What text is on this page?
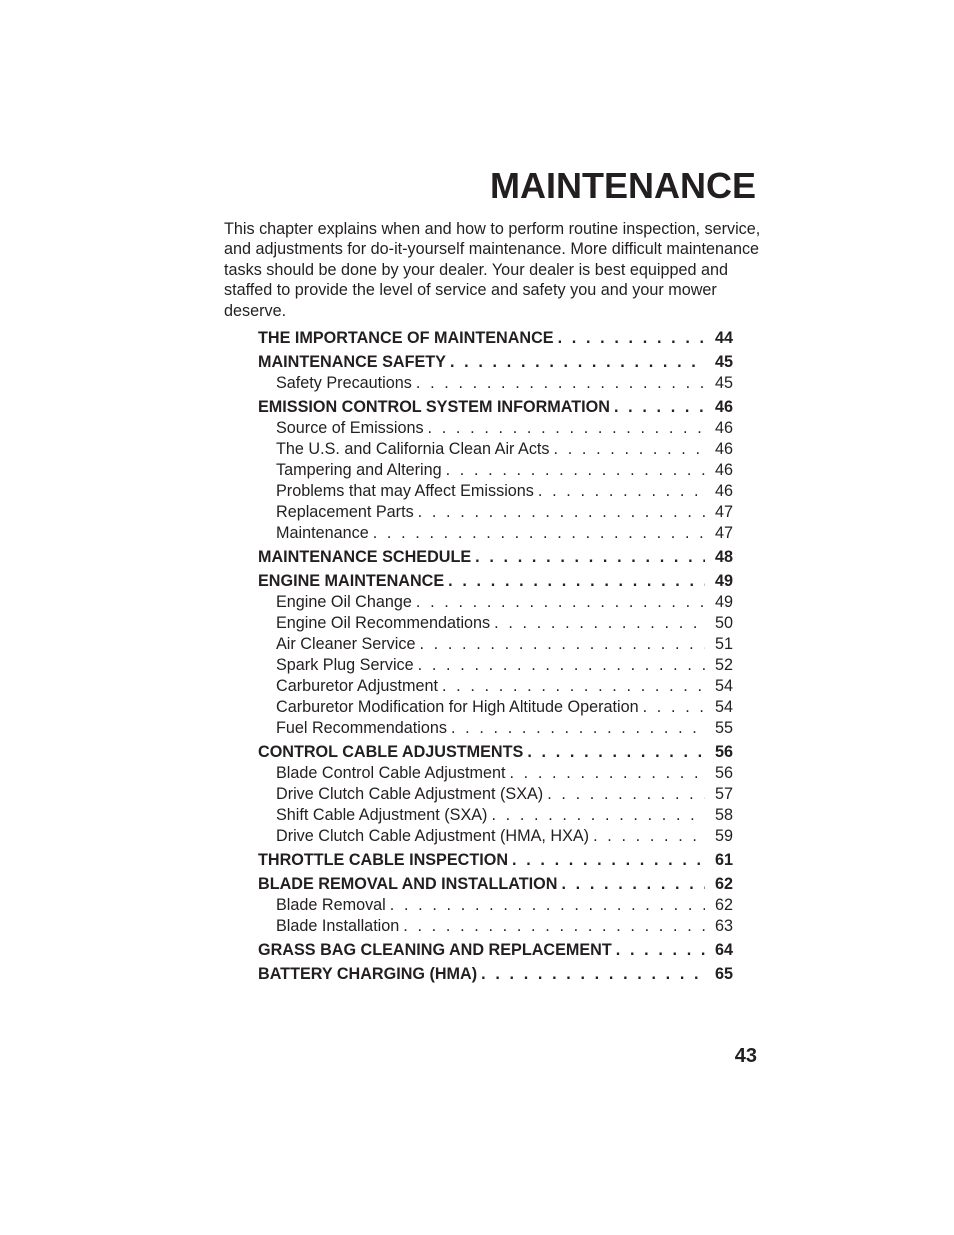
MAINTENANCE

This chapter explains when and how to perform routine inspection, service, and adjustments for do-it-yourself maintenance. More difficult maintenance tasks should be done by your dealer. Your dealer is best equipped and staffed to provide the level of service and safety you and your mower deserve.

THE IMPORTANCE OF MAINTENANCE . . .	44
MAINTENANCE SAFETY . . .	45
Safety Precautions . . .	45
EMISSION CONTROL SYSTEM INFORMATION . . .	46
Source of Emissions . . .	46
The U.S. and California Clean Air Acts . . .	46
Tampering and Altering . . .	46
Problems that may Affect Emissions . . .	46
Replacement Parts . . .	47
Maintenance . . .	47
MAINTENANCE SCHEDULE . . .	48
ENGINE MAINTENANCE . . .	49
Engine Oil Change . . .	49
Engine Oil Recommendations . . .	50
Air Cleaner Service . . .	51
Spark Plug Service . . .	52
Carburetor Adjustment . . .	54
Carburetor Modification for High Altitude Operation . . .	54
Fuel Recommendations . . .	55
CONTROL CABLE ADJUSTMENTS . . .	56
Blade Control Cable Adjustment . . .	56
Drive Clutch Cable Adjustment (SXA) . . .	57
Shift Cable Adjustment (SXA) . . .	58
Drive Clutch Cable Adjustment (HMA, HXA) . . .	59
THROTTLE CABLE INSPECTION . . .	61
BLADE REMOVAL AND INSTALLATION . . .	62
Blade Removal . . .	62
Blade Installation . . .	63
GRASS BAG CLEANING AND REPLACEMENT . . .	64
BATTERY CHARGING (HMA) . . .	65
43
